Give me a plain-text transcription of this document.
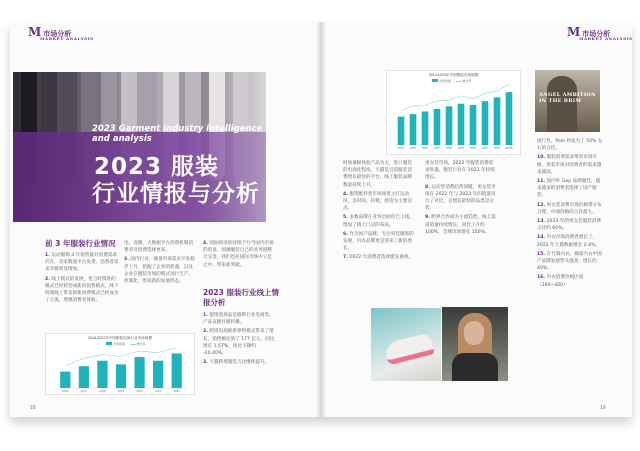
M市场分析
MARKET ANALYSIS	M市场分析
MARKET ANALYSIS
2023 Garment industry intelligence and analysis
2023 服装
行业情报与分析
前 3 年服装行业情况

1. 运动服饰 3 年销售量对消费需求仍在，卖家数量平台发货，消费者需求升级明显增加。

2. 线上模式的发展，也与时俱进的模式已经转型成新的销售模式，线下终端线上带来的新消费模式已经成为了主流，增强消费者体验。

电、直播、大数据平台消费机制消费者对消费选择更多。

3. 国内行业，储备市场需求开发稳步上升，把握了企业的机遇，以及企业在服装市场的模式进行生产、机制化，形成新的发展形态。

4. 国际经济的持续下行当国内市场的贸易，国潮服装自己的业务链整合完善，我们也在国际市场中立足之中，带来新突破。

2023 服装行业线上情报分析

1. 服饰类商品是服饰行业电商类，产品直播社媒传播。

2. 跨境电商被新零售模式带来了增长，销售额达到了 177 亿元，同比增长 1.57%，同比下降约 -20.40%。

3. 天猫跨境服装占比继续提升。

2016-2022年中国服装电商行业市场规模
市场规模	增长率
2016	2017	2018	2019	2020	2021	2022
18
2014-2023年中国服装市场规模
市场规模	增长率
2014 2015 2016 2017 2018 2019 2020 2021 2022 2023E
ANGEL AMBITION IN THE BRIM

时尚兼顾体验产品为主，进口服装的电商化程度，天猫是目前服装消费增长最快的平台，线上服装品牌数量持续上升。

4. 服饰配件类市场场景主打运动风，以时尚、轻便、舒适为主要卖点。

5. 多数品牌在业务层面均已上线，增加了线上门店的布局。

6. 作为国产品牌，专注男装服饰的发展，内衣品牌更是迎来了新的增长。

7. 2022 年消费者选择愈发重视。

男女装市场，2022 年服装消费需求旺盛，服装行业在 2023 年持续增长。

8. 运动型消费趋势回暖，男女装市场在 2022 年与 2023 年的销量进行了对比，且增长最快的品类是女装。

9. 跨界合作成为主流趋势，线上渠道销量持续增长，同比上升约 100%，全域市场增长 150%。

流行色，Polo 衫成为了 50% 左右的占比。

10. 服装消费需求带动市场升级，男装市场对消费者的需求越来越高。

11. 国内外 Gap 品牌服装，越来越多的消费者选择了国产服装。

12. 男女装消费市场价格带分布合理，中端价格段占比最大。

13. 2023 年的男女装服装消费占比约 60%。

14. 内衣市场消费者增长了，2022 年天猫数据增长 2.4%。

15. 在竹制内衣、棉质内衣中国产品牌发展势头强劲，增长约 40%。

16. 内衣消费价格区间（100~400）

19
